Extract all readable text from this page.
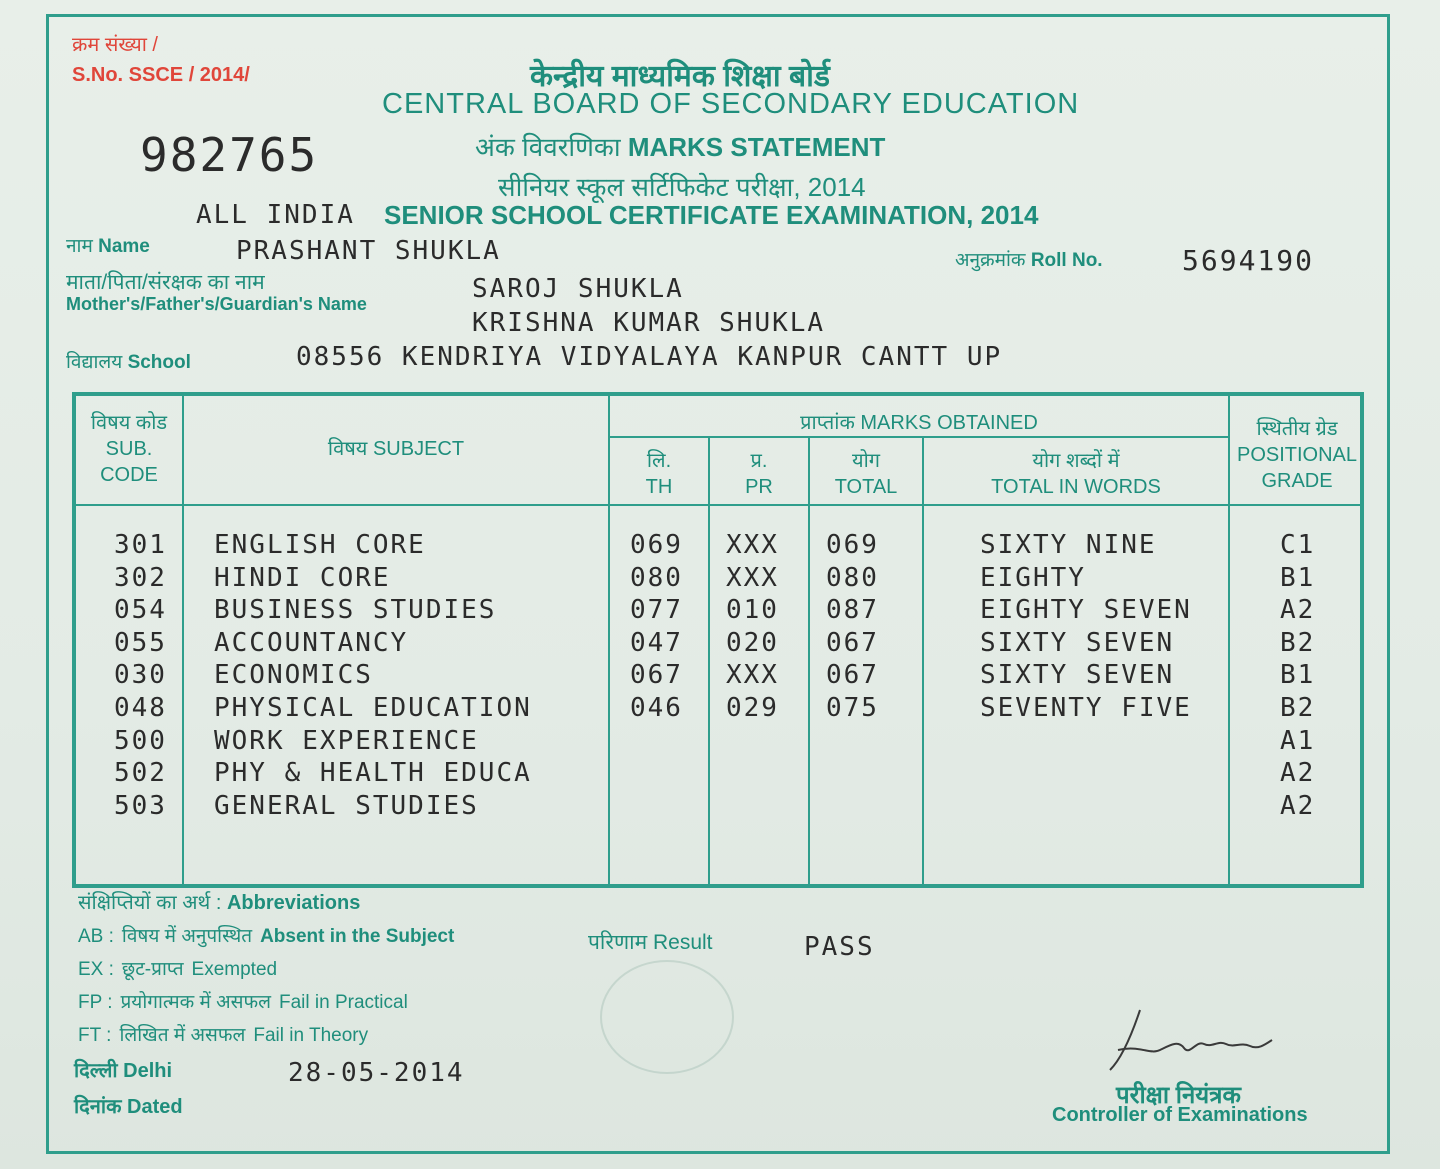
क्रम संख्या /
S.No. SSCE / 2014/
982765
केन्द्रीय माध्यमिक शिक्षा बोर्ड
CENTRAL BOARD OF SECONDARY EDUCATION
अंक विवरणिका MARKS STATEMENT
सीनियर स्कूल सर्टिफिकेट परीक्षा, 2014
ALL INDIA SENIOR SCHOOL CERTIFICATE EXAMINATION, 2014
नाम Name	PRASHANT SHUKLA	अनुक्रमांक Roll No.	5694190
माता/पिता/संरक्षक का नाम
Mother's/Father's/Guardian's Name	SAROJ SHUKLA
KRISHNA KUMAR SHUKLA
विद्यालय School	08556 KENDRIYA VIDYALAYA KANPUR CANTT UP
विषय कोड
SUB.
CODE
विषय SUBJECT
प्राप्तांक MARKS OBTAINED
लि.
TH
प्र.
PR
योग
TOTAL
योग शब्दों में
TOTAL IN WORDS
स्थितीय ग्रेड
POSITIONAL
GRADE
301 ENGLISH CORE	069 XXX 069	SIXTY NINE	C1
302 HINDI CORE	080 XXX 080	EIGHTY	B1
054 BUSINESS STUDIES	077 010 087	EIGHTY SEVEN	A2
055 ACCOUNTANCY	047 020 067	SIXTY SEVEN	B2
030 ECONOMICS	067 XXX 067	SIXTY SEVEN	B1
048 PHYSICAL EDUCATION	046 029 075	SEVENTY FIVE	B2
500 WORK EXPERIENCE	A1
502 PHY & HEALTH EDUCA	A2
503 GENERAL STUDIES	A2
संक्षिप्तियों का अर्थ : Abbreviations
AB : विषय में अनुपस्थित Absent in the Subject
EX : छूट-प्राप्त Exempted
FP : प्रयोगात्मक में असफल Fail in Practical
FT : लिखित में असफल Fail in Theory
परिणाम Result	PASS
दिल्ली Delhi
दिनांक Dated
28-05-2014
परीक्षा नियंत्रक
Controller of Examinations
